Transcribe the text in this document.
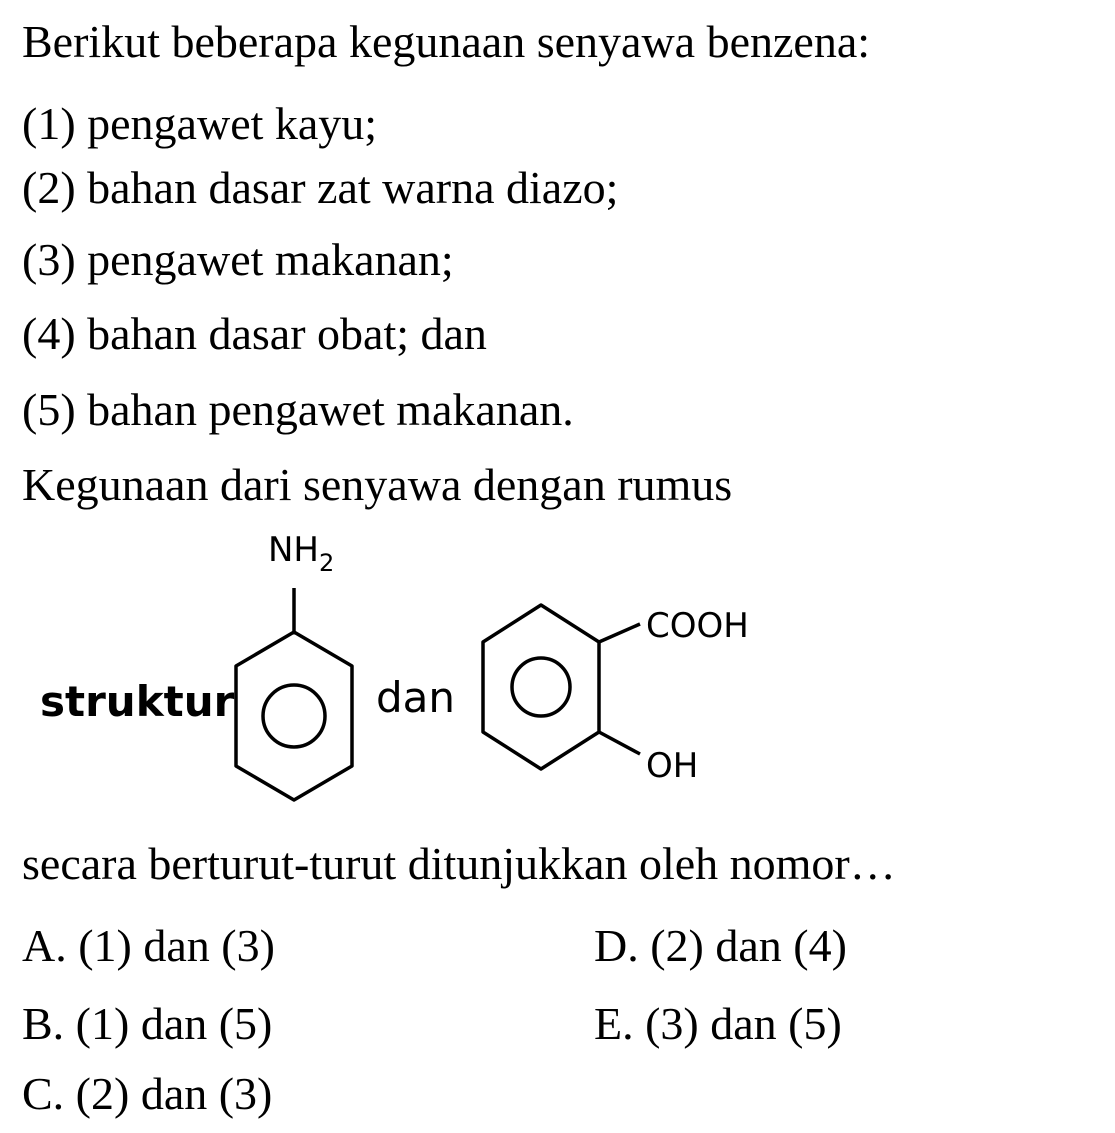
Berikut beberapa kegunaan senyawa benzena:
(1) pengawet kayu;
(2) bahan dasar zat warna diazo;
(3) pengawet makanan;
(4) bahan dasar obat; dan
(5) bahan pengawet makanan.
Kegunaan dari senyawa dengan rumus
struktur
$NH_2$
dan
COOH
OH
secara berturut-turut ditunjukkan oleh nomor…
A. (1) dan (3)	D. (2) dan (4)
B. (1) dan (5)	E. (3) dan (5)
C. (2) dan (3)
